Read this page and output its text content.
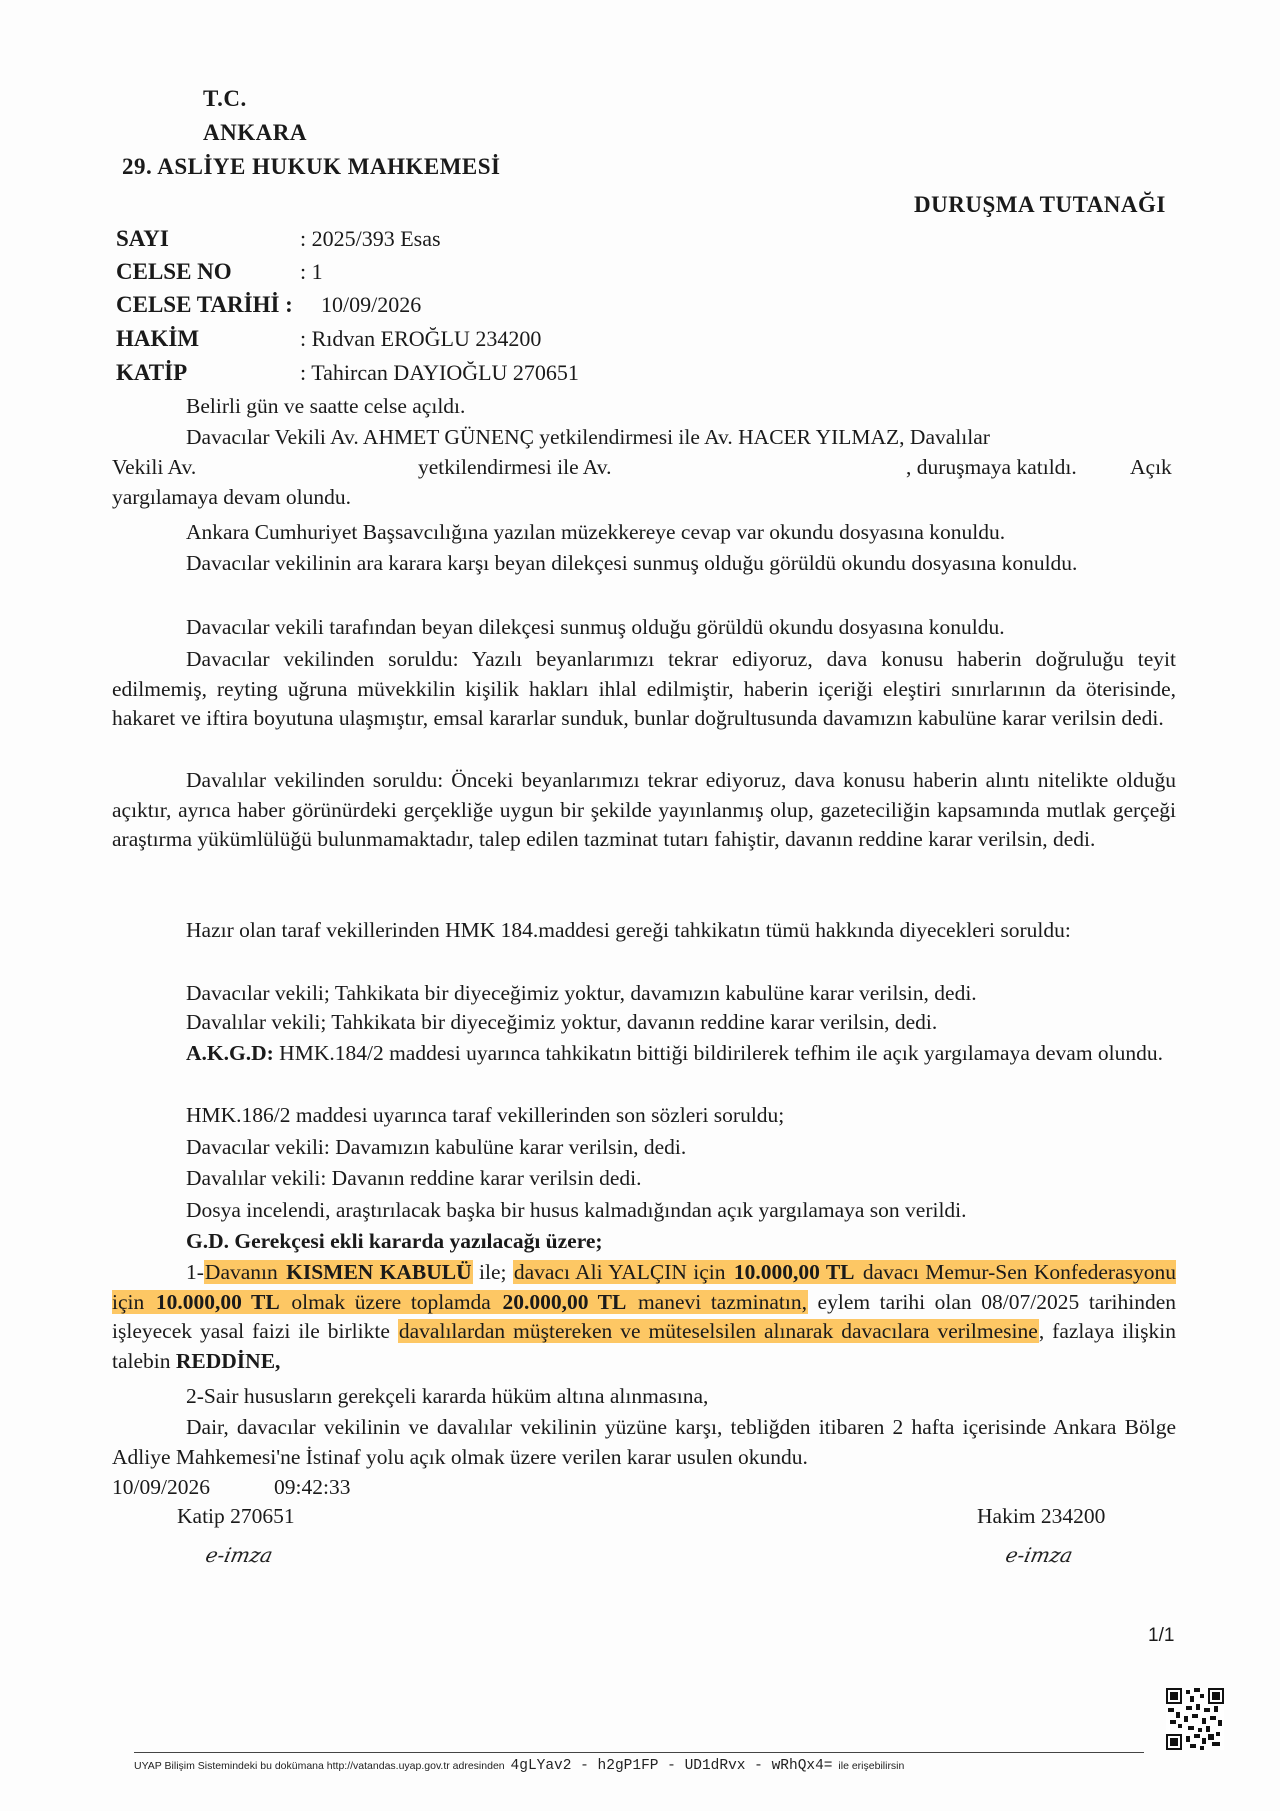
T.C.
ANKARA
29. ASLİYE HUKUK MAHKEMESİ
DURUŞMA TUTANAĞI
SAYI	: 2025/393 Esas
CELSE NO	: 1
CELSE TARİHİ : 10/09/2026
HAKİM	: Rıdvan EROĞLU 234200
KATİP	: Tahircan DAYIOĞLU 270651

Belirli gün ve saatte celse açıldı.

Davacılar Vekili Av. AHMET GÜNENÇ yetkilendirmesi ile Av. HACER YILMAZ, Davalılar
Vekili Av.	yetkilendirmesi ile Av.	, duruşmaya katıldı. Açık
yargılamaya devam olundu.

Ankara Cumhuriyet Başsavcılığına yazılan müzekkereye cevap var okundu dosyasına konuldu.

Davacılar vekilinin ara karara karşı beyan dilekçesi sunmuş olduğu görüldü okundu dosyasına konuldu.

Davacılar vekili tarafından beyan dilekçesi sunmuş olduğu görüldü okundu dosyasına konuldu.

Davacılar vekilinden soruldu: Yazılı beyanlarımızı tekrar ediyoruz, dava konusu haberin doğruluğu teyit edilmemiş, reyting uğruna müvekkilin kişilik hakları ihlal edilmiştir, haberin içeriği eleştiri sınırlarının da öterisinde, hakaret ve iftira boyutuna ulaşmıştır, emsal kararlar sunduk, bunlar doğrultusunda davamızın kabulüne karar verilsin dedi.

Davalılar vekilinden soruldu: Önceki beyanlarımızı tekrar ediyoruz, dava konusu haberin alıntı nitelikte olduğu açıktır, ayrıca haber görünürdeki gerçekliğe uygun bir şekilde yayınlanmış olup, gazeteciliğin kapsamında mutlak gerçeği araştırma yükümlülüğü bulunmamaktadır, talep edilen tazminat tutarı fahiştir, davanın reddine karar verilsin, dedi.

Hazır olan taraf vekillerinden HMK 184.maddesi gereği tahkikatın tümü hakkında diyecekleri soruldu:

Davacılar vekili; Tahkikata bir diyeceğimiz yoktur, davamızın kabulüne karar verilsin, dedi.

Davalılar vekili; Tahkikata bir diyeceğimiz yoktur, davanın reddine karar verilsin, dedi.

A.K.G.D: HMK.184/2 maddesi uyarınca tahkikatın bittiği bildirilerek tefhim ile açık yargılamaya devam olundu.

HMK.186/2 maddesi uyarınca taraf vekillerinden son sözleri soruldu;

Davacılar vekili: Davamızın kabulüne karar verilsin, dedi.

Davalılar vekili: Davanın reddine karar verilsin dedi.

Dosya incelendi, araştırılacak başka bir husus kalmadığından açık yargılamaya son verildi.

G.D. Gerekçesi ekli kararda yazılacağı üzere;

1-Davanın KISMEN KABULÜ ile; davacı Ali YALÇIN için 10.000,00 TL davacı Memur-Sen Konfederasyonu için 10.000,00 TL olmak üzere toplamda 20.000,00 TL manevi tazminatın, eylem tarihi olan 08/07/2025 tarihinden işleyecek yasal faizi ile birlikte davalılardan müştereken ve müteselsilen alınarak davacılara verilmesine, fazlaya ilişkin talebin REDDİNE,

2-Sair hususların gerekçeli kararda hüküm altına alınmasına,

Dair, davacılar vekilinin ve davalılar vekilinin yüzüne karşı, tebliğden itibaren 2 hafta içerisinde Ankara Bölge Adliye Mahkemesi'ne İstinaf yolu açık olmak üzere verilen karar usulen okundu.

10/09/2026	09:42:33
Katip 270651	Hakim 234200
e-imza	e-imza
1/1
UYAP Bilişim Sistemindeki bu dokümana http://vatandas.uyap.gov.tr adresinden 4gLYav2 - h2gP1FP - UD1dRvx - wRhQx4= ile erişebilirsin
